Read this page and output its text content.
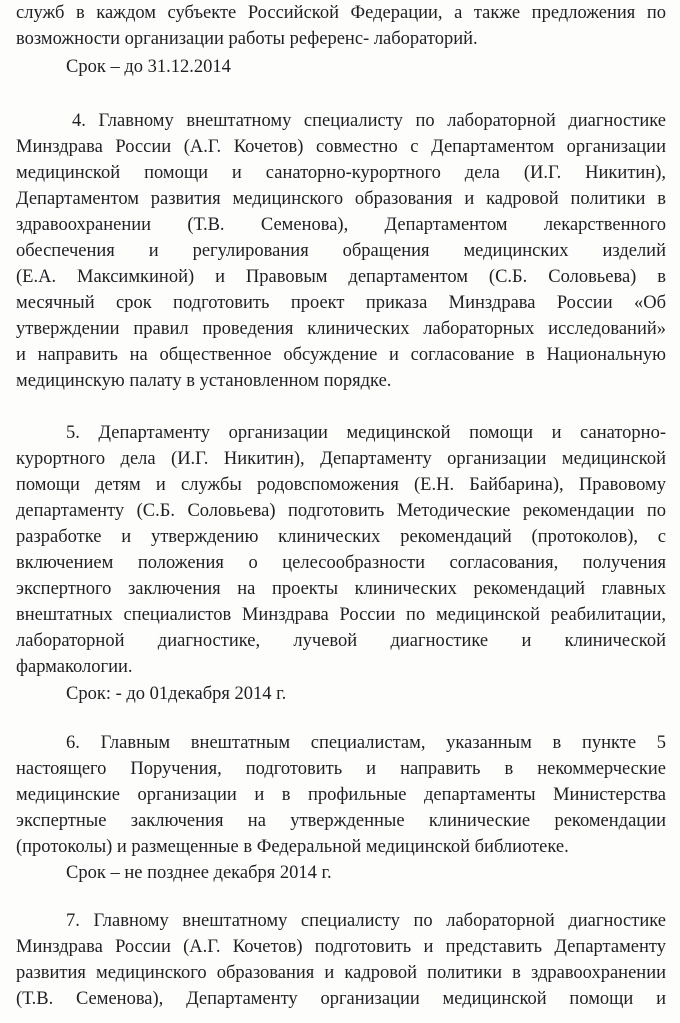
служб в каждом субъекте Российской Федерации, а также предложения по

возможности организации работы референс- лабораторий.

Срок – до 31.12.2014

4. Главному внештатному специалисту по лабораторной диагностике

Минздрава России (А.Г. Кочетов) совместно с Департаментом организации

медицинской помощи и санаторно-курортного дела (И.Г. Никитин),

Департаментом развития медицинского образования и кадровой политики в

здравоохранении (Т.В. Семенова), Департаментом лекарственного

обеспечения и регулирования обращения медицинских изделий

(Е.А. Максимкиной) и Правовым департаментом (С.Б. Соловьева) в

месячный срок подготовить проект приказа Минздрава России «Об

утверждении правил проведения клинических лабораторных исследований»

и направить на общественное обсуждение и согласование в Национальную

медицинскую палату в установленном порядке.

5. Департаменту организации медицинской помощи и санаторно-

курортного дела (И.Г. Никитин), Департаменту организации медицинской

помощи детям и службы родовспоможения (Е.Н. Байбарина), Правовому

департаменту (С.Б. Соловьева) подготовить Методические рекомендации по

разработке и утверждению клинических рекомендаций (протоколов), с

включением положения о целесообразности согласования, получения

экспертного заключения на проекты клинических рекомендаций главных

внештатных специалистов Минздрава России по медицинской реабилитации,

лабораторной диагностике, лучевой диагностике и клинической

фармакологии.

Срок: - до 01декабря 2014 г.

6. Главным внештатным специалистам, указанным в пункте 5

настоящего Поручения, подготовить и направить в некоммерческие

медицинские организации и в профильные департаменты Министерства

экспертные заключения на утвержденные клинические рекомендации

(протоколы) и размещенные в Федеральной медицинской библиотеке.

Срок – не позднее декабря 2014 г.

7. Главному внештатному специалисту по лабораторной диагностике

Минздрава России (А.Г. Кочетов) подготовить и представить Департаменту

развития медицинского образования и кадровой политики в здравоохранении

(Т.В. Семенова), Департаменту организации медицинской помощи и
